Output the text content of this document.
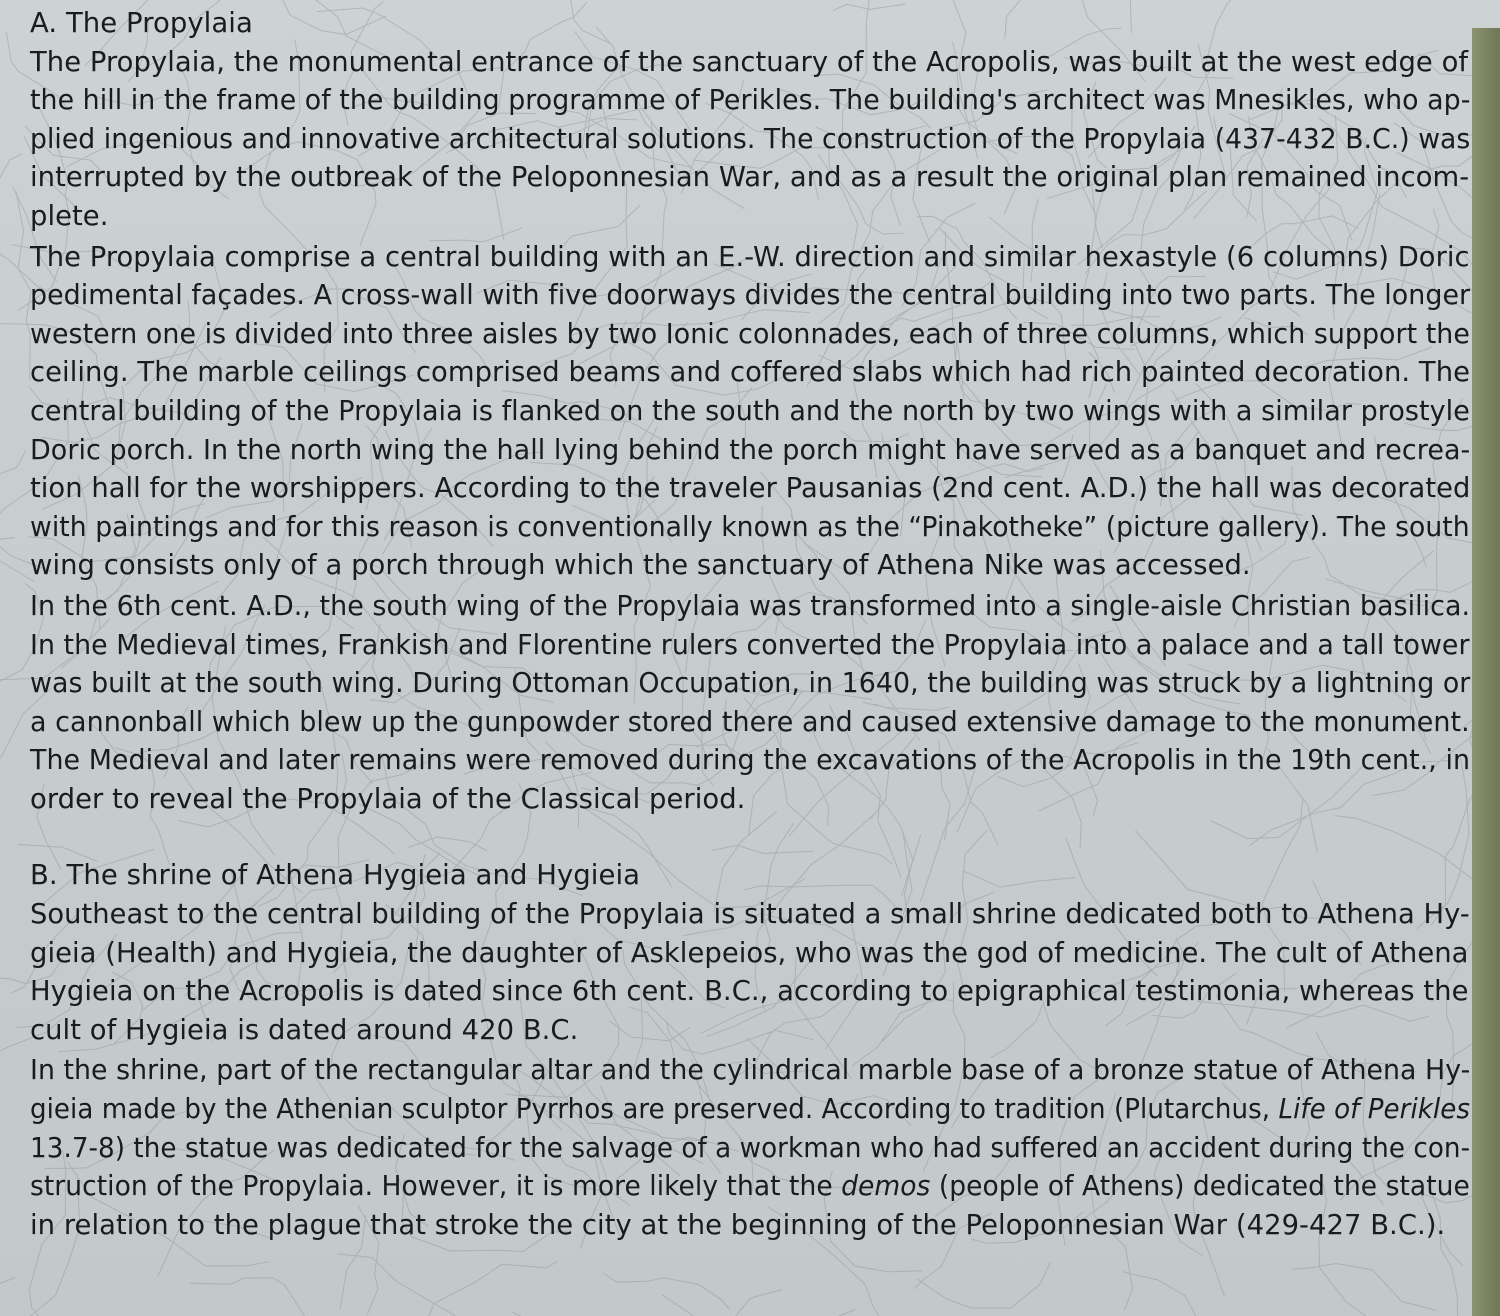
A. The Propylaia

The Propylaia, the monumental entrance of the sanctuary of the Acropolis, was built at the west edge of
the hill in the frame of the building programme of Perikles. The building's architect was Mnesikles, who ap-
plied ingenious and innovative architectural solutions. The construction of the Propylaia (437-432 B.C.) was
interrupted by the outbreak of the Peloponnesian War, and as a result the original plan remained incom-
plete.

The Propylaia comprise a central building with an E.-W. direction and similar hexastyle (6 columns) Doric
pedimental façades. A cross-wall with five doorways divides the central building into two parts. The longer
western one is divided into three aisles by two Ionic colonnades, each of three columns, which support the
ceiling. The marble ceilings comprised beams and coffered slabs which had rich painted decoration. The
central building of the Propylaia is flanked on the south and the north by two wings with a similar prostyle
Doric porch. In the north wing the hall lying behind the porch might have served as a banquet and recrea-
tion hall for the worshippers. According to the traveler Pausanias (2nd cent. A.D.) the hall was decorated
with paintings and for this reason is conventionally known as the “Pinakotheke” (picture gallery). The south
wing consists only of a porch through which the sanctuary of Athena Nike was accessed.

In the 6th cent. A.D., the south wing of the Propylaia was transformed into a single-aisle Christian basilica.
In the Medieval times, Frankish and Florentine rulers converted the Propylaia into a palace and a tall tower
was built at the south wing. During Ottoman Occupation, in 1640, the building was struck by a lightning or
a cannonball which blew up the gunpowder stored there and caused extensive damage to the monument.
The Medieval and later remains were removed during the excavations of the Acropolis in the 19th cent., in
order to reveal the Propylaia of the Classical period.

B. The shrine of Athena Hygieia and Hygieia

Southeast to the central building of the Propylaia is situated a small shrine dedicated both to Athena Hy-
gieia (Health) and Hygieia, the daughter of Asklepeios, who was the god of medicine. The cult of Athena
Hygieia on the Acropolis is dated since 6th cent. B.C., according to epigraphical testimonia, whereas the
cult of Hygieia is dated around 420 B.C.

In the shrine, part of the rectangular altar and the cylindrical marble base of a bronze statue of Athena Hy-
gieia made by the Athenian sculptor Pyrrhos are preserved. According to tradition (Plutarchus, Life of Perikles
13.7-8) the statue was dedicated for the salvage of a workman who had suffered an accident during the con-
struction of the Propylaia. However, it is more likely that the demos (people of Athens) dedicated the statue
in relation to the plague that stroke the city at the beginning of the Peloponnesian War (429-427 B.C.).
